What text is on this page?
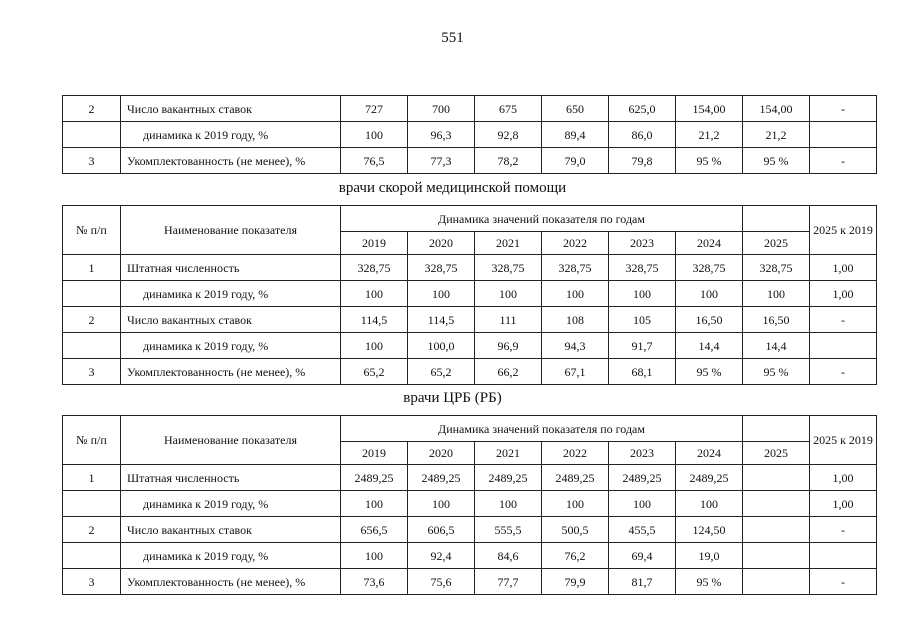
551
2	Число вакантных ставок	727	700	675	650	625,0	154,00	154,00	-
	динамика к 2019 году, %	100	96,3	92,8	89,4	86,0	21,2	21,2	
3	Укомплектованность (не менее), %	76,5	77,3	78,2	79,0	79,8	95 %	95 %	-
врачи скорой медицинской помощи
№ п/п	Наименование показателя	Динамика значений показателя по годам							2025 к 2019
		2019	2020	2021	2022	2023	2024	2025	
1	Штатная численность	328,75	328,75	328,75	328,75	328,75	328,75	328,75	1,00
	динамика к 2019 году, %	100	100	100	100	100	100	100	1,00
2	Число вакантных ставок	114,5	114,5	111	108	105	16,50	16,50	-
	динамика к 2019 году, %	100	100,0	96,9	94,3	91,7	14,4	14,4	
3	Укомплектованность (не менее), %	65,2	65,2	66,2	67,1	68,1	95 %	95 %	-
врачи ЦРБ (РБ)
№ п/п	Наименование показателя	Динамика значений показателя по годам							2025 к 2019
		2019	2020	2021	2022	2023	2024	2025	
1	Штатная численность	2489,25	2489,25	2489,25	2489,25	2489,25	2489,25		1,00
	динамика к 2019 году, %	100	100	100	100	100	100		1,00
2	Число вакантных ставок	656,5	606,5	555,5	500,5	455,5	124,50		-
	динамика к 2019 году, %	100	92,4	84,6	76,2	69,4	19,0		
3	Укомплектованность (не менее), %	73,6	75,6	77,7	79,9	81,7	95 %		-
